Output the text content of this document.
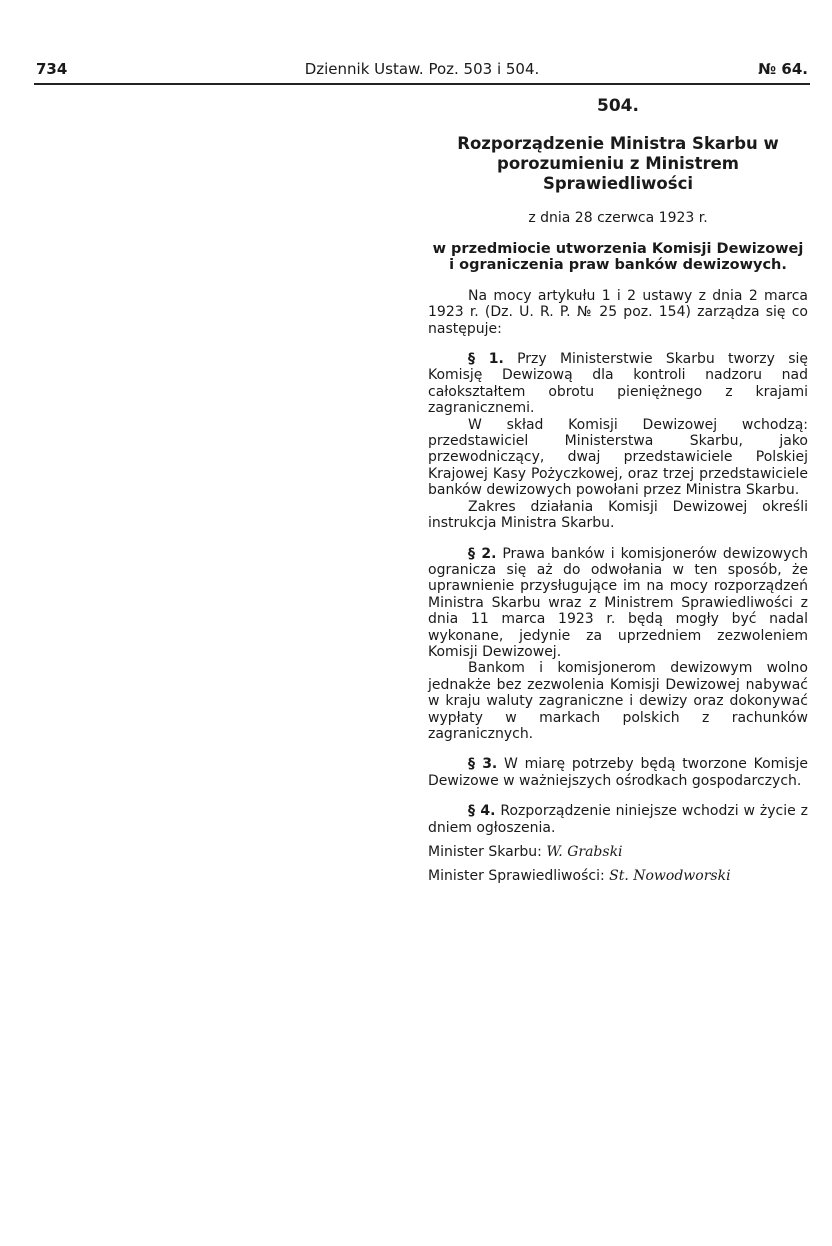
734	Dziennik Ustaw. Poz. 503 i 504.	№ 64.
504.
Rozporządzenie Ministra Skarbu w porozumieniu z Ministrem Sprawiedliwości
z dnia 28 czerwca 1923 r.
w przedmiocie utworzenia Komisji Dewizowej i ograniczenia praw banków dewizowych.

Na mocy artykułu 1 i 2 ustawy z dnia 2 marca 1923 r. (Dz. U. R. P. № 25 poz. 154) zarządza się co następuje:

§ 1. Przy Ministerstwie Skarbu tworzy się Komisję Dewizową dla kontroli nadzoru nad całokształtem obrotu pieniężnego z krajami zagranicznemi.

W skład Komisji Dewizowej wchodzą: przedstawiciel Ministerstwa Skarbu, jako przewodniczący, dwaj przedstawiciele Polskiej Krajowej Kasy Pożyczkowej, oraz trzej przedstawiciele banków dewizowych powołani przez Ministra Skarbu.

Zakres działania Komisji Dewizowej określi instrukcja Ministra Skarbu.

§ 2. Prawa banków i komisjonerów dewizowych ogranicza się aż do odwołania w ten sposób, że uprawnienie przysługujące im na mocy rozporządzeń Ministra Skarbu wraz z Ministrem Sprawiedliwości z dnia 11 marca 1923 r. będą mogły być nadal wykonane, jedynie za uprzedniem zezwoleniem Komisji Dewizowej.

Bankom i komisjonerom dewizowym wolno jednakże bez zezwolenia Komisji Dewizowej nabywać w kraju waluty zagraniczne i dewizy oraz dokonywać wypłaty w markach polskich z rachunków zagranicznych.

§ 3. W miarę potrzeby będą tworzone Komisje Dewizowe w ważniejszych ośrodkach gospodarczych.

§ 4. Rozporządzenie niniejsze wchodzi w życie z dniem ogłoszenia.

Minister Skarbu: W. Grabski

Minister Sprawiedliwości: St. Nowodworski
